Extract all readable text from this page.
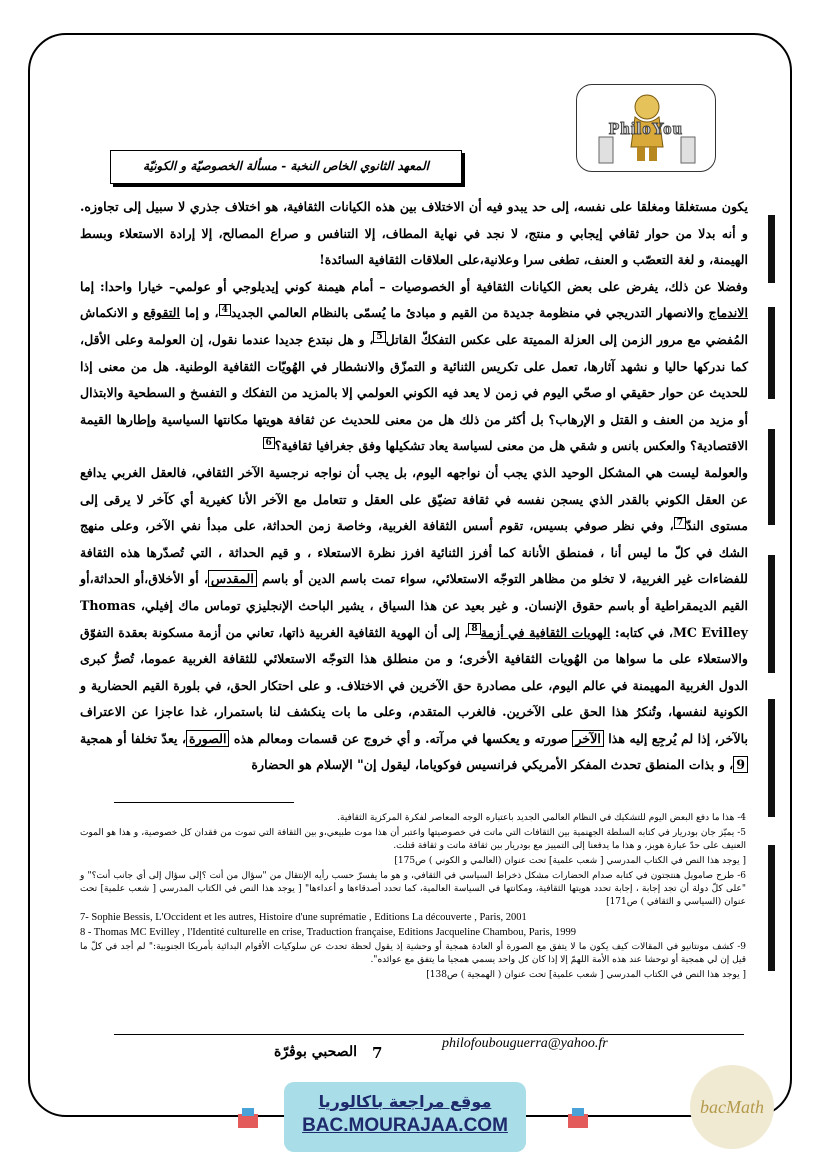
PhiloYou
المعهد الثانوي الخاص النخبة - مسألة الخصوصيّة و الكونيّة

يكون مستغلقا ومغلقا على نفسه، إلى حد يبدو فيه أن الاختلاف بين هذه الكيانات الثقافية، هو اختلاف جذري لا سبيل إلى تجاوزه. و أنه بدلا من حوار ثقافي إيجابي و منتج، لا نجد في نهاية المطاف، إلا التنافس و صراع المصالح، إلا إرادة الاستعلاء وبسط الهيمنة، و لغة التعصّب و العنف، تطغى سرا وعلانية،على العلاقات الثقافية السائدة!

وفضلا عن ذلك، يفرض على بعض الكيانات الثقافية أو الخصوصيات – أمام هيمنة كوني إيديلوجي أو عولمي– خيارا واحدا: إما الاندماج والانصهار التدريجي في منظومة جديدة من القيم و مبادئ ما يُسمّى بالنظام العالمي الجديد$^4$، و إما التقوقع و الانكماش المُفضي مع مرور الزمن إلى العزلة المميتة على عكس التفككّ القاتل$^5$، و هل نبتدع جديدا عندما نقول، إن العولمة وعلى الأقل، كما ندركها حاليا و نشهد آثارها، تعمل على تكريس الثنائية و التمزّق والانشطار في الهُويّات الثقافية الوطنية. هل من معنى إذا للحديث عن حوار حقيقي او صحّي اليوم في زمن لا يعد فيه الكوني العولمي إلا بالمزيد من التفكك و التفسخ و السطحية والابتذال أو مزيد من العنف و القتل و الإرهاب؟ بل أكثر من ذلك هل من معنى للحديث عن ثقافة هويتها مكانتها السياسية وإطارها القيمة الاقتصادية؟ والعكس بانس و شقي هل من معنى لسياسة يعاد تشكيلها وفق جغرافيا ثقافية؟$^6$

والعولمة ليست هي المشكل الوحيد الذي يجب أن نواجهه اليوم، بل يجب أن نواجه نرجسية الآخر الثقافي، فالعقل الغربي يدافع عن العقل الكوني بالقدر الذي يسجن نفسه في ثقافة تضيّق على العقل و تتعامل مع الآخر الأنا كغيرية أي كآخر لا يرقى إلى مستوى الندّ$^7$، وفي نظر صوفي بسيس، تقوم أسس الثقافة الغربية، وخاصة زمن الحداثة، على مبدأ نفي الآخر، وعلى منهج الشك في كلّ ما ليس أنا ، فمنطق الأنانة كما أفرز الثنائية افرز نظرة الاستعلاء ، و قيم الحداثة ، التي تُصدّرها هذه الثقافة للفضاءات غير الغربية، لا تخلو من مظاهر التوجّه الاستعلائي، سواء تمت باسم الدين أو باسم المقدس، أو الأخلاق،أو الحداثة،أو القيم الديمقراطية أو باسم حقوق الإنسان. و غير بعيد عن هذا السياق ، يشير الباحث الإنجليزي توماس ماك إفيلي، Thomas MC Evilley، في كتابه: الهويات الثقافية في أزمة$^8$، إلى أن الهوية الثقافية الغربية ذاتها، تعاني من أزمة مسكونة بعقدة التفوّق والاستعلاء على ما سواها من الهُويات الثقافية الأخرى؛ و من منطلق هذا التوجّه الاستعلائي للثقافة الغربية عموما، تُصرُّ كبرى الدول الغربية المهيمنة في عالم اليوم، على مصادرة حق الآخرين في الاختلاف. و على احتكار الحق، في بلورة القيم الحضارية و الكونية لنفسها، وتُنكرُ هذا الحق على الآخرين. فالغرب المتقدم، وعلى ما بات ينكشف لنا باستمرار، غدا عاجزا عن الاعتراف بالآخر، إذا لم يُرجِع إليه هذا الآخر صورته و يعكسها في مرآته. و أي خروج عن قسمات ومعالم هذه الصورة، يعدّ تخلفا أو همجية 9، و بذات المنطق تحدث المفكر الأمريكي فرانسيس فوكوياما، ليقول إن" الإسلام هو الحضارة

4- هذا ما دفع البعض اليوم للتشكيك في النظام العالمي الجديد باعتباره الوجه المعاصر لفكرة المركزية الثقافية.

5- يميّز جان بودريار في كتابه السلطة الجهنمية بين الثقافات التي ماتت في خصوصيتها واعتبر أن هذا موت طبيعي،و بين الثقافة التي تموت من فقدان كل خصوصية، و هذا هو الموت العنيف على حدّ عبارة هوبز، و هذا ما يدفعنا إلى التمييز مع بودريار بين ثقافة ماتت و ثقافة قتلت.

[ يوجد هذا النص في الكتاب المدرسي [ شعب علمية] تحت عنوان (العالمي و الكوني ) ص175]

6- طرح صامويل هنتجتون في كتابه صدام الحضارات مشكل ذخراط السياسي في الثقافي، و هو ما يفسرّ حسب رأيه الإنتقال من "سؤال من أنت ؟إلى سؤال إلى أي جانب أنت؟" و "على كلّ دولة أن تجد إجابة ، إجابة تحدد هويتها الثقافية، ومكانتها في السياسة العالمية، كما تحدد أصدقاءها و أعداءها" [ يوجد هذا النص في الكتاب المدرسي [ شعب علمية] تحت عنوان (السياسي و الثقافي ) ص171]

7- Sophie Bessis, L'Occident et les autres, Histoire d'une suprématie , Editions La découverte , Paris, 2001

8 - Thomas MC Evilley , l'Identité culturelle en crise, Traduction française, Editions Jacqueline Chambou, Paris, 1999

9- كشف مونتانيو في المقالات كيف يكون ما لا يتفق مع الصورة أو العادة همجية أو وحشية إذ يقول لحظة تحدث عن سلوكيات الأقوام البدائية بأمريكا الجنوبية:" لم أجد في كلّ ما قيل إن لي همجية أو توحشا عند هذه الأمة اللهمّ إلا إذا كان كل واحد يسمي همجيا ما يتفق مع عوائده".

[ يوجد هذا النص في الكتاب المدرسي [ شعب علمية] تحت عنوان ( الهمجية ) ص138]

الصحبي بوڤرّة 7
philofoubouguerra@yahoo.fr
موقع مراجعة باكالوريا
BAC.MOURAJAA.COM
bacMath
